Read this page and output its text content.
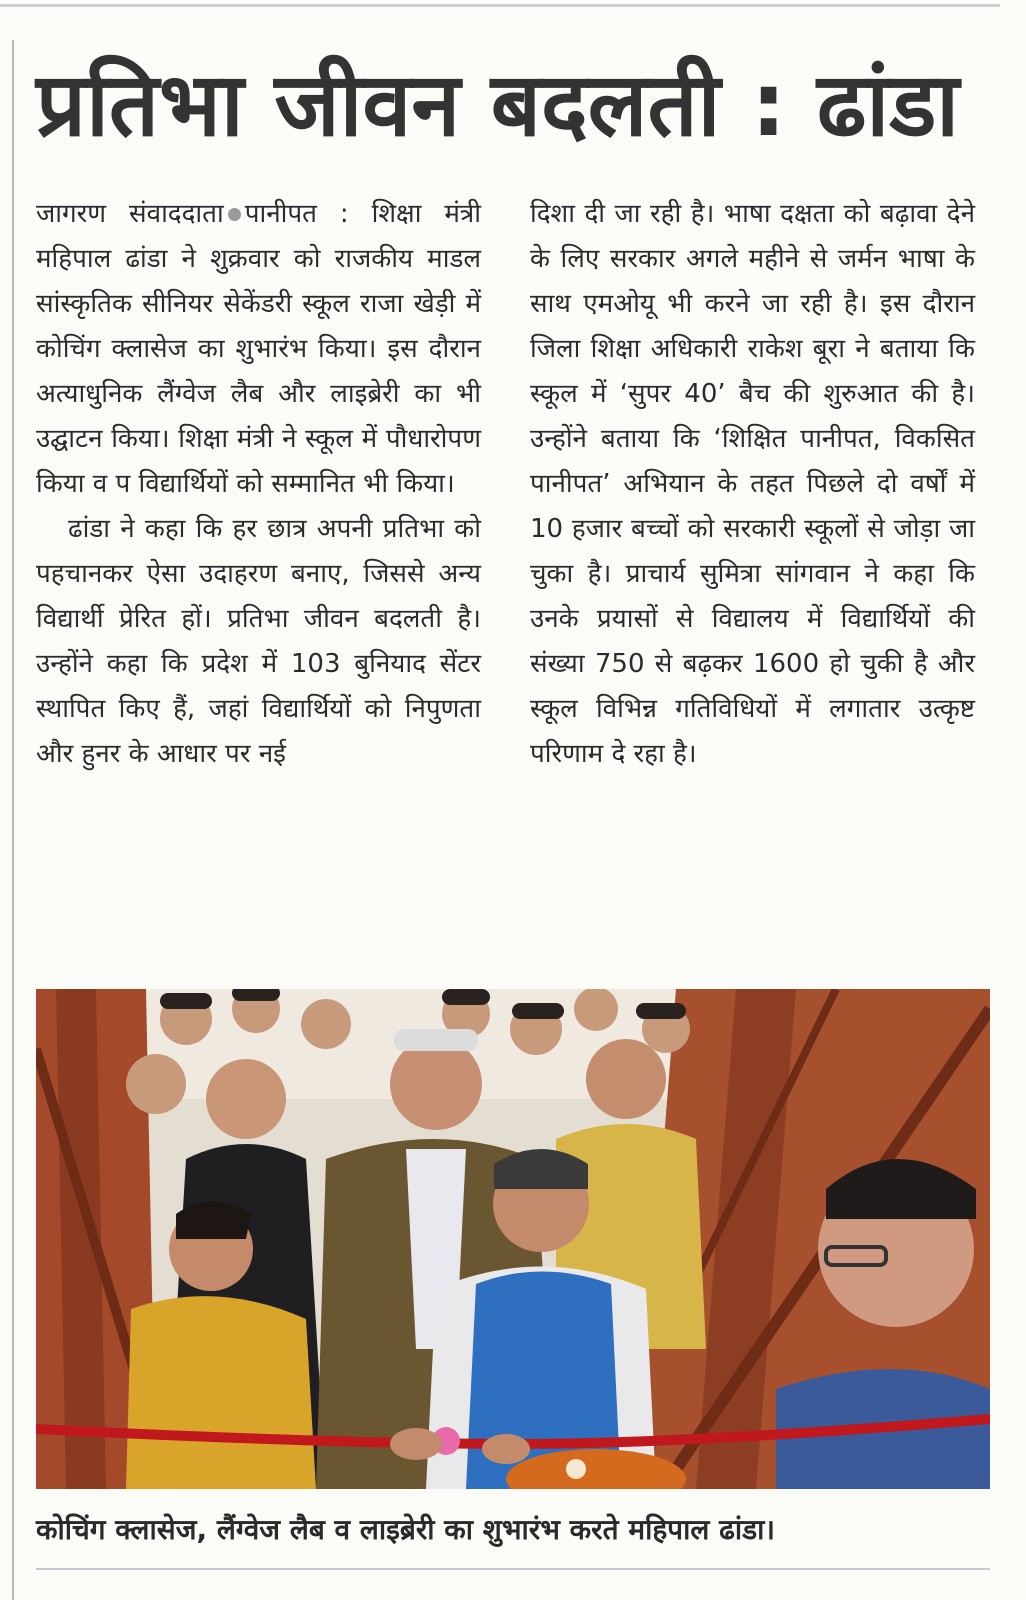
प्रतिभा जीवन बदलती : ढांडा

जागरण संवाददाता पानीपत : शिक्षा मंत्री महिपाल ढांडा ने शुक्रवार को राजकीय माडल सांस्कृतिक सीनियर सेकेंडरी स्कूल राजा खेड़ी में कोचिंग क्लासेज का शुभारंभ किया। इस दौरान अत्याधुनिक लैंग्वेज लैब और लाइब्रेरी का भी उद्घाटन किया। शिक्षा मंत्री ने स्कूल में पौधारोपण किया व प विद्यार्थियों को सम्मानित भी किया।

ढांडा ने कहा कि हर छात्र अपनी प्रतिभा को पहचानकर ऐसा उदाहरण बनाए, जिससे अन्य विद्यार्थी प्रेरित हों। प्रतिभा जीवन बदलती है। उन्होंने कहा कि प्रदेश में 103 बुनियाद सेंटर स्थापित किए हैं, जहां विद्यार्थियों को निपुणता और हुनर के आधार पर नई

दिशा दी जा रही है। भाषा दक्षता को बढ़ावा देने के लिए सरकार अगले महीने से जर्मन भाषा के साथ एमओयू भी करने जा रही है। इस दौरान जिला शिक्षा अधिकारी राकेश बूरा ने बताया कि स्कूल में ‘सुपर 40’ बैच की शुरुआत की है। उन्होंने बताया कि ‘शिक्षित पानीपत, विकसित पानीपत’ अभियान के तहत पिछले दो वर्षों में 10 हजार बच्चों को सरकारी स्कूलों से जोड़ा जा चुका है। प्राचार्य सुमित्रा सांगवान ने कहा कि उनके प्रयासों से विद्यालय में विद्यार्थियों की संख्या 750 से बढ़कर 1600 हो चुकी है और स्कूल विभिन्न गतिविधियों में लगातार उत्कृष्ट परिणाम दे रहा है।

कोचिंग क्लासेज, लैंग्वेज लैब व लाइब्रेरी का शुभारंभ करते महिपाल ढांडा।
